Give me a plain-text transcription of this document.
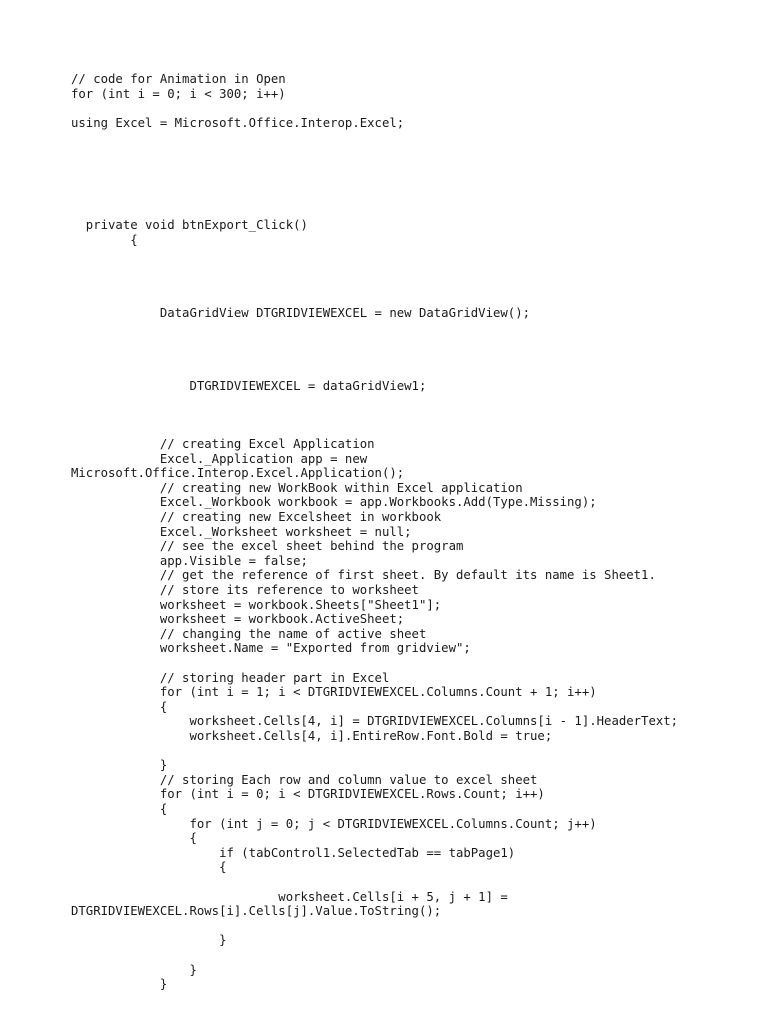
// code for Animation in Open
for (int i = 0; i < 300; i++)
using Excel = Microsoft.Office.Interop.Excel;
private void btnExport_Click()
{
DataGridView DTGRIDVIEWEXCEL = new DataGridView();
DTGRIDVIEWEXCEL = dataGridView1;
// creating Excel Application
Excel._Application app = new
Microsoft.Office.Interop.Excel.Application();
// creating new WorkBook within Excel application
Excel._Workbook workbook = app.Workbooks.Add(Type.Missing);
// creating new Excelsheet in workbook
Excel._Worksheet worksheet = null;
// see the excel sheet behind the program
app.Visible = false;
// get the reference of first sheet. By default its name is Sheet1.
// store its reference to worksheet
worksheet = workbook.Sheets["Sheet1"];
worksheet = workbook.ActiveSheet;
// changing the name of active sheet
worksheet.Name = "Exported from gridview";
// storing header part in Excel
for (int i = 1; i < DTGRIDVIEWEXCEL.Columns.Count + 1; i++)
{
worksheet.Cells[4, i] = DTGRIDVIEWEXCEL.Columns[i - 1].HeaderText;
worksheet.Cells[4, i].EntireRow.Font.Bold = true;
}
// storing Each row and column value to excel sheet
for (int i = 0; i < DTGRIDVIEWEXCEL.Rows.Count; i++)
{
for (int j = 0; j < DTGRIDVIEWEXCEL.Columns.Count; j++)
{
if (tabControl1.SelectedTab == tabPage1)
{
worksheet.Cells[i + 5, j + 1] =
DTGRIDVIEWEXCEL.Rows[i].Cells[j].Value.ToString();
}
}
}
